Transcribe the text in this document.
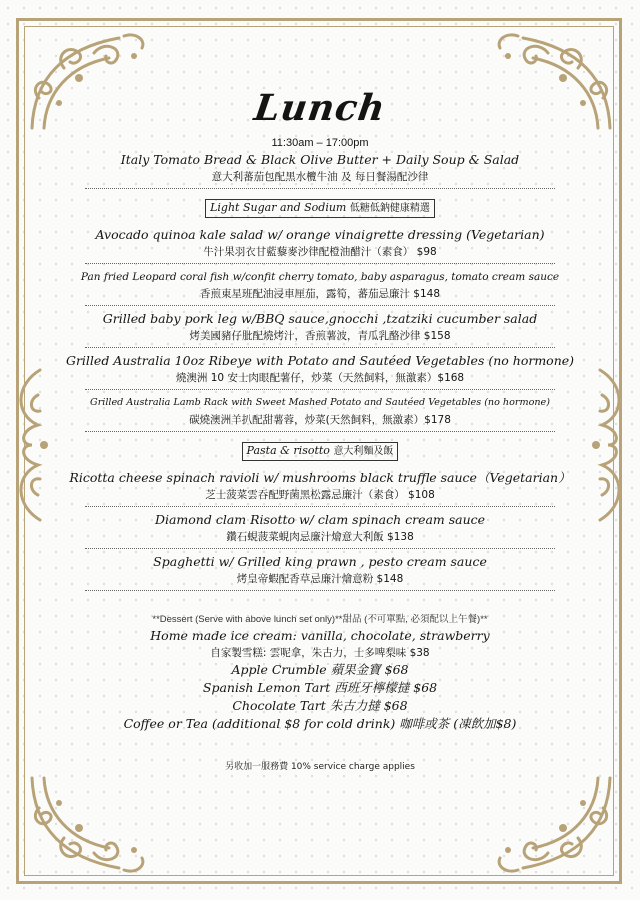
Lunch
11:30am – 17:00pm
Italy Tomato Bread & Black Olive Butter + Daily Soup & Salad
意大利蕃茄包配黑水欖牛油 及 每日餐湯配沙律
Light Sugar and Sodium 低糖低鈉健康精選
Avocado quinoa kale salad w/ orange vinaigrette dressing (Vegetarian)
牛汁果羽衣甘藍藜麥沙律配橙油醋汁（素食） $98
Pan fried Leopard coral fish w/confit cherry tomato, baby asparagus, tomato cream sauce
香煎東星班配油浸車厘茄，露筍，蕃茄忌廉汁 $148
Grilled baby pork leg w/BBQ sauce,gnocchi ,tzatziki cucumber salad
烤美國豬仔肶配燒烤汁，香煎薯波，青瓜乳酪沙律 $158
Grilled Australia 10oz Ribeye with Potato and Sautéed Vegetables (no hormone)
燒澳洲 10 安士肉眼配薯仔，炒菜（天然飼料，無激素）$168
Grilled Australia Lamb Rack with Sweet Mashed Potato and Sautéed Vegetables (no hormone)
碳燒澳洲羊扒配甜薯蓉，炒菜(天然飼料，無激素）$178
Pasta & risotto 意大利麵及飯
Ricotta cheese spinach ravioli w/ mushrooms black truffle sauce（Vegetarian）
芝士菠菜雲吞配野菌黑松露忌廉汁（素食） $108
Diamond clam Risotto w/ clam spinach cream sauce
鑽石蜆菠菜蜆肉忌廉汁燴意大利飯 $138
Spaghetti w/ Grilled king prawn , pesto cream sauce
烤皇帝蝦配香草忌廉汁燴意粉 $148
**Dessert (Serve with above lunch set only)**甜品 (不可單點, 必須配以上午餐)**
Home made ice cream: vanilla, chocolate, strawberry
自家製雪糕: 雲呢拿，朱古力，士多啤梨味 $38
Apple Crumble 蘋果金寶 $68
Spanish Lemon Tart 西班牙檸檬撻 $68
Chocolate Tart 朱古力撻 $68
Coffee or Tea (additional $8 for cold drink) 咖啡或茶 (凍飲加$8)
另收加一服務費 10% service charge applies
